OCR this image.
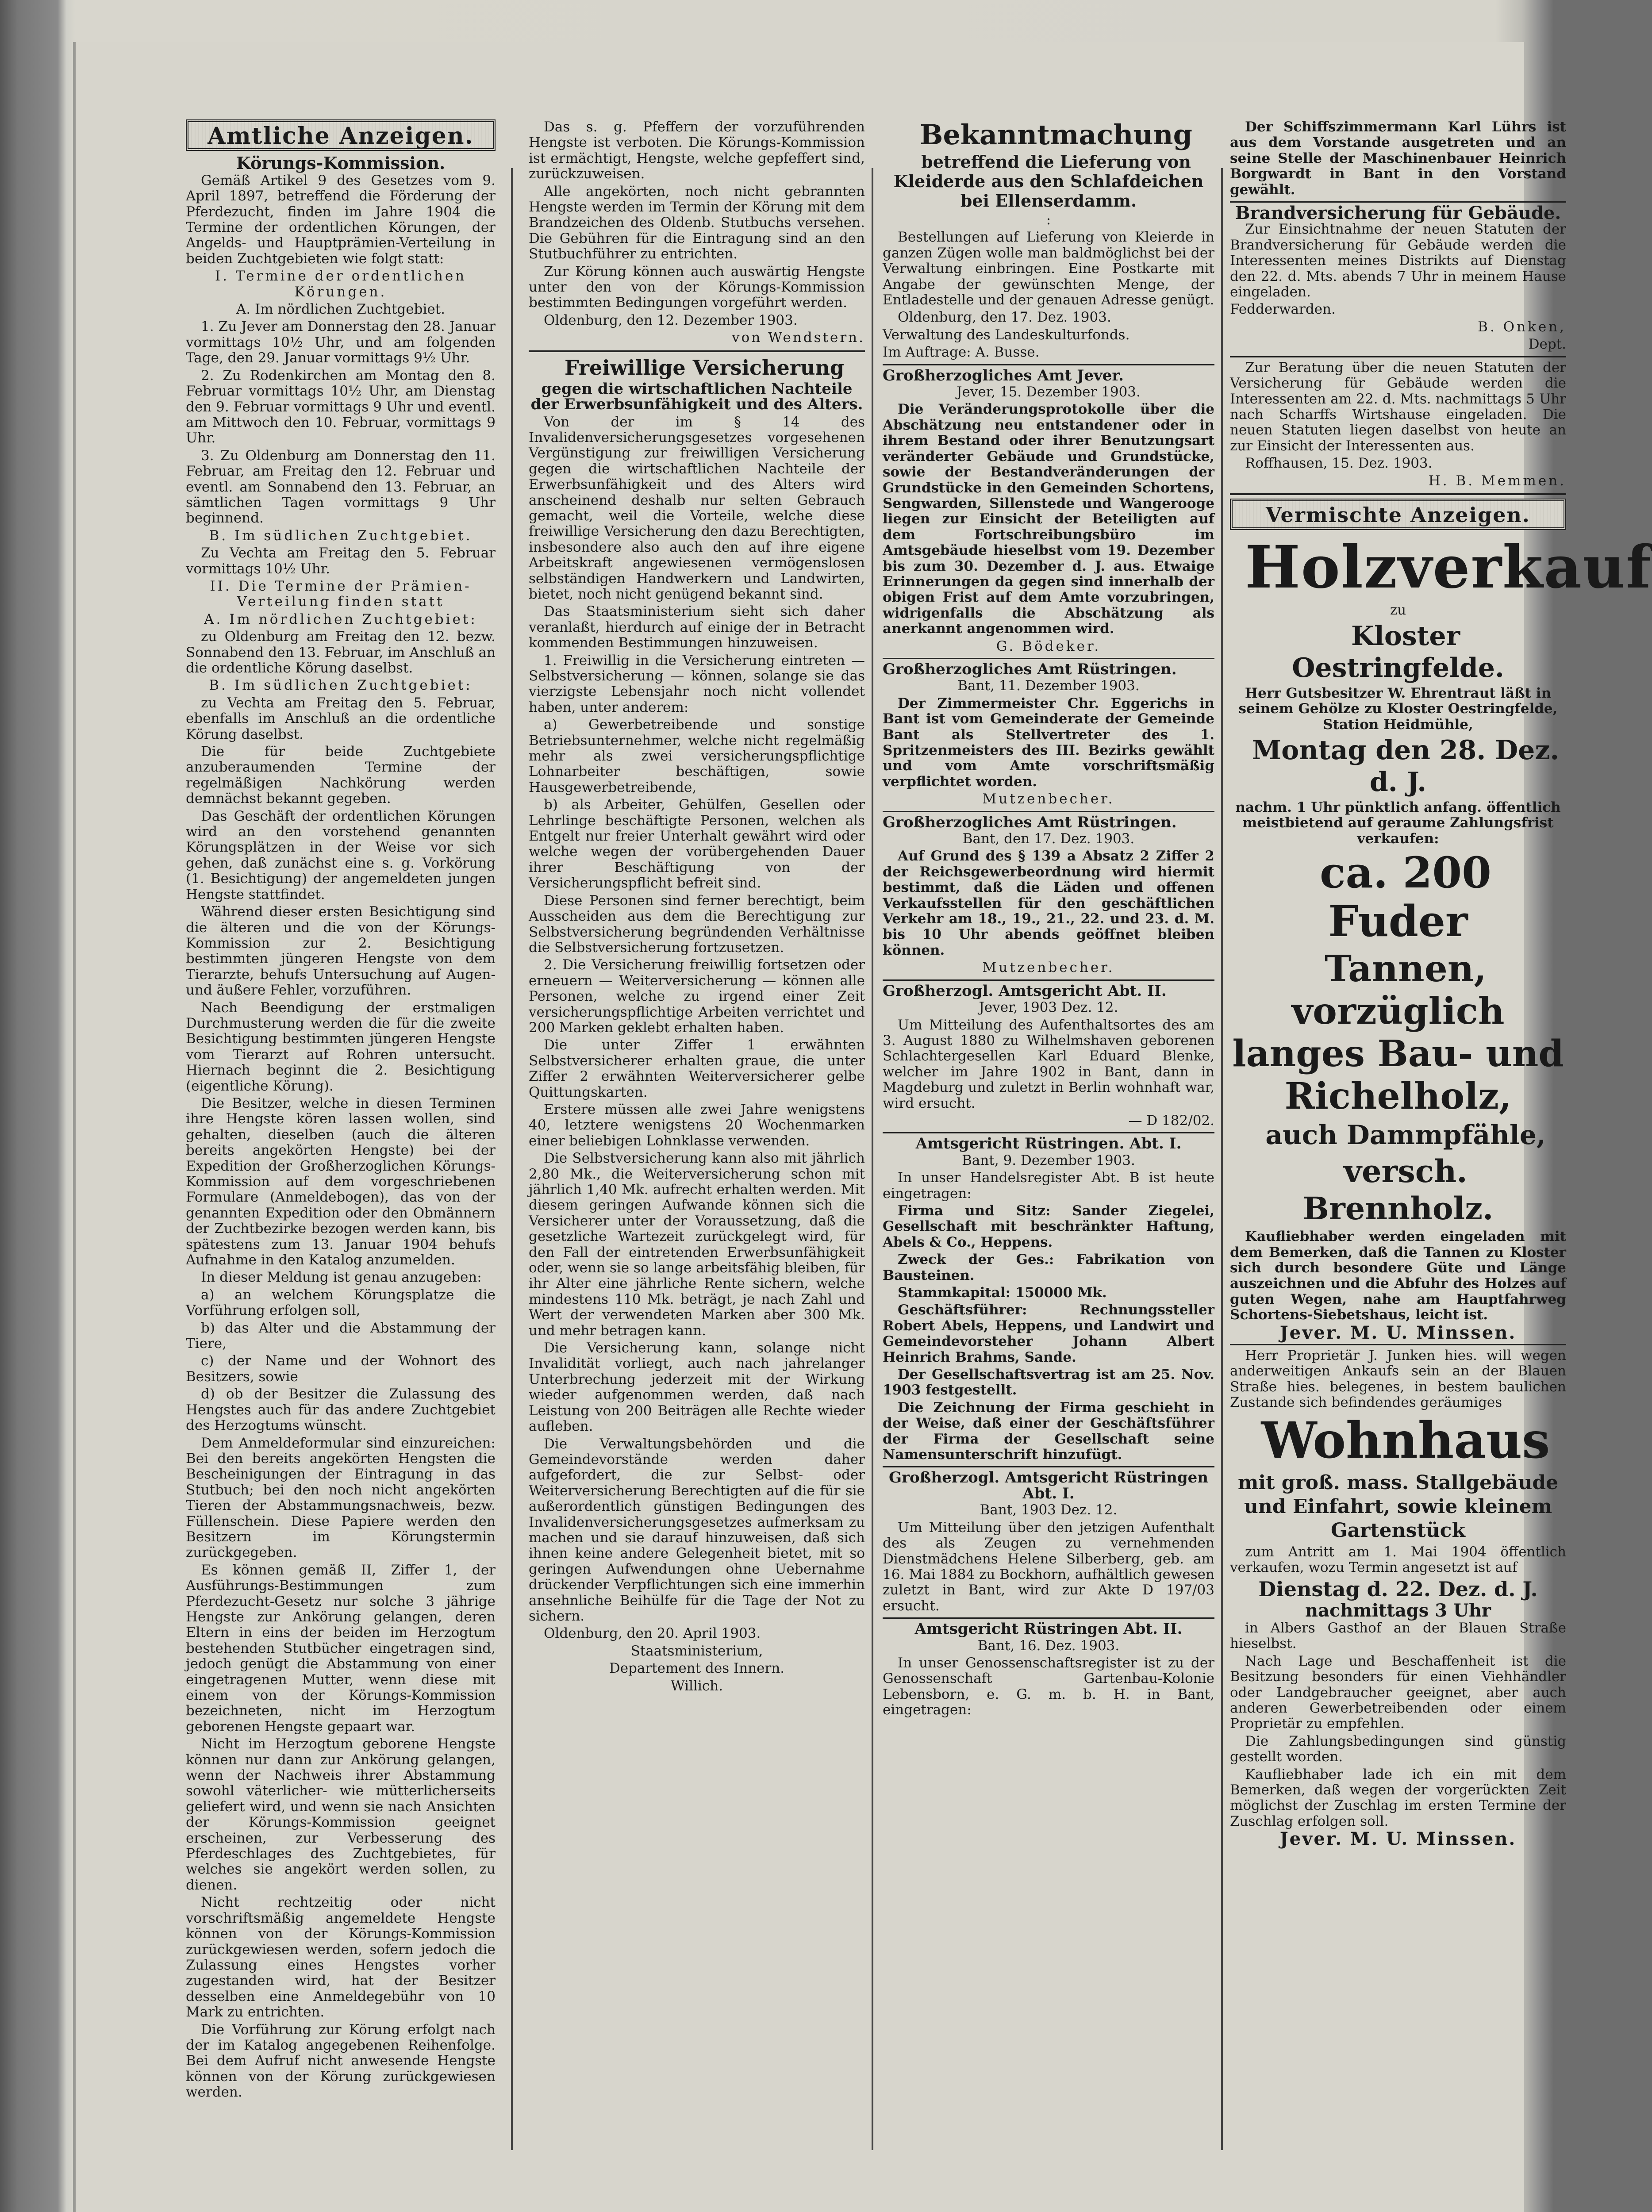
Amtliche Anzeigen.

Körungs-Kommission.

Gemäß Artikel 9 des Gesetzes vom 9. April 1897, betreffend die Förderung der Pferdezucht, finden im Jahre 1904 die Termine der ordentlichen Körungen, der Angelds- und Hauptprämien-Verteilung in beiden Zuchtgebieten wie folgt statt:

I. Termine der ordentlichen Körungen.

A. Im nördlichen Zuchtgebiet.

1. Zu Jever am Donnerstag den 28. Januar vormittags 10½ Uhr, und am folgenden Tage, den 29. Januar vormittags 9½ Uhr.

2. Zu Rodenkirchen am Montag den 8. Februar vormittags 10½ Uhr, am Dienstag den 9. Februar vormittags 9 Uhr und eventl. am Mittwoch den 10. Februar, vormittags 9 Uhr.

3. Zu Oldenburg am Donnerstag den 11. Februar, am Freitag den 12. Februar und eventl. am Sonnabend den 13. Februar, an sämtlichen Tagen vormittags 9 Uhr beginnend.

B. Im südlichen Zuchtgebiet.

Zu Vechta am Freitag den 5. Februar vormittags 10½ Uhr.

II. Die Termine der Prämien-Verteilung finden statt

A. Im nördlichen Zuchtgebiet:

zu Oldenburg am Freitag den 12. bezw. Sonnabend den 13. Februar, im Anschluß an die ordentliche Körung daselbst.

B. Im südlichen Zuchtgebiet:

zu Vechta am Freitag den 5. Februar, ebenfalls im Anschluß an die ordentliche Körung daselbst.

Die für beide Zuchtgebiete anzuberaumenden Termine der regelmäßigen Nachkörung werden demnächst bekannt gegeben.

Das Geschäft der ordentlichen Körungen wird an den vorstehend genannten Körungsplätzen in der Weise vor sich gehen, daß zunächst eine s. g. Vorkörung (1. Besichtigung) der angemeldeten jungen Hengste stattfindet.

Während dieser ersten Besichtigung sind die älteren und die von der Körungs-Kommission zur 2. Besichtigung bestimmten jüngeren Hengste von dem Tierarzte, behufs Untersuchung auf Augen- und äußere Fehler, vorzuführen.

Nach Beendigung der erstmaligen Durchmusterung werden die für die zweite Besichtigung bestimmten jüngeren Hengste vom Tierarzt auf Rohren untersucht. Hiernach beginnt die 2. Besichtigung (eigentliche Körung).

Die Besitzer, welche in diesen Terminen ihre Hengste kören lassen wollen, sind gehalten, dieselben (auch die älteren bereits angekörten Hengste) bei der Expedition der Großherzoglichen Körungs-Kommission auf dem vorgeschriebenen Formulare (Anmeldebogen), das von der genannten Expedition oder den Obmännern der Zuchtbezirke bezogen werden kann, bis spätestens zum 13. Januar 1904 behufs Aufnahme in den Katalog anzumelden.

In dieser Meldung ist genau anzugeben:

a) an welchem Körungsplatze die Vorführung erfolgen soll,

b) das Alter und die Abstammung der Tiere,

c) der Name und der Wohnort des Besitzers, sowie

d) ob der Besitzer die Zulassung des Hengstes auch für das andere Zuchtgebiet des Herzogtums wünscht.

Dem Anmeldeformular sind einzureichen: Bei den bereits angekörten Hengsten die Bescheinigungen der Eintragung in das Stutbuch; bei den noch nicht angekörten Tieren der Abstammungsnachweis, bezw. Füllenschein. Diese Papiere werden den Besitzern im Körungstermin zurückgegeben.

Es können gemäß II, Ziffer 1, der Ausführungs-Bestimmungen zum Pferdezucht-Gesetz nur solche 3 jährige Hengste zur Ankörung gelangen, deren Eltern in eins der beiden im Herzogtum bestehenden Stutbücher eingetragen sind, jedoch genügt die Abstammung von einer eingetragenen Mutter, wenn diese mit einem von der Körungs-Kommission bezeichneten, nicht im Herzogtum geborenen Hengste gepaart war.

Nicht im Herzogtum geborene Hengste können nur dann zur Ankörung gelangen, wenn der Nachweis ihrer Abstammung sowohl väterlicher- wie mütterlicherseits geliefert wird, und wenn sie nach Ansichten der Körungs-Kommission geeignet erscheinen, zur Verbesserung des Pferdeschlages des Zuchtgebietes, für welches sie angekört werden sollen, zu dienen.

Nicht rechtzeitig oder nicht vorschriftsmäßig angemeldete Hengste können von der Körungs-Kommission zurückgewiesen werden, sofern jedoch die Zulassung eines Hengstes vorher zugestanden wird, hat der Besitzer desselben eine Anmeldegebühr von 10 Mark zu entrichten.

Die Vorführung zur Körung erfolgt nach der im Katalog angegebenen Reihenfolge. Bei dem Aufruf nicht anwesende Hengste können von der Körung zurückgewiesen werden.

Das s. g. Pfeffern der vorzuführenden Hengste ist verboten. Die Körungs-Kommission ist ermächtigt, Hengste, welche gepfeffert sind, zurückzuweisen.

Alle angekörten, noch nicht gebrannten Hengste werden im Termin der Körung mit dem Brandzeichen des Oldenb. Stutbuchs versehen. Die Gebühren für die Eintragung sind an den Stutbuchführer zu entrichten.

Zur Körung können auch auswärtig Hengste unter den von der Körungs-Kommission bestimmten Bedingungen vorgeführt werden.

Oldenburg, den 12. Dezember 1903.

von Wendstern.

Freiwillige Versicherung

gegen die wirtschaftlichen Nachteile der Erwerbsunfähigkeit und des Alters.

Von der im § 14 des Invalidenversicherungsgesetzes vorgesehenen Vergünstigung zur freiwilligen Versicherung gegen die wirtschaftlichen Nachteile der Erwerbsunfähigkeit und des Alters wird anscheinend deshalb nur selten Gebrauch gemacht, weil die Vorteile, welche diese freiwillige Versicherung den dazu Berechtigten, insbesondere also auch den auf ihre eigene Arbeitskraft angewiesenen vermögenslosen selbständigen Handwerkern und Landwirten, bietet, noch nicht genügend bekannt sind.

Das Staatsministerium sieht sich daher veranlaßt, hierdurch auf einige der in Betracht kommenden Bestimmungen hinzuweisen.

1. Freiwillig in die Versicherung eintreten — Selbstversicherung — können, solange sie das vierzigste Lebensjahr noch nicht vollendet haben, unter anderem:

a) Gewerbetreibende und sonstige Betriebsunternehmer, welche nicht regelmäßig mehr als zwei versicherungspflichtige Lohnarbeiter beschäftigen, sowie Hausgewerbetreibende,

b) als Arbeiter, Gehülfen, Gesellen oder Lehrlinge beschäftigte Personen, welchen als Entgelt nur freier Unterhalt gewährt wird oder welche wegen der vorübergehenden Dauer ihrer Beschäftigung von der Versicherungspflicht befreit sind.

Diese Personen sind ferner berechtigt, beim Ausscheiden aus dem die Berechtigung zur Selbstversicherung begründenden Verhältnisse die Selbstversicherung fortzusetzen.

2. Die Versicherung freiwillig fortsetzen oder erneuern — Weiterversicherung — können alle Personen, welche zu irgend einer Zeit versicherungspflichtige Arbeiten verrichtet und 200 Marken geklebt erhalten haben.

Die unter Ziffer 1 erwähnten Selbstversicherer erhalten graue, die unter Ziffer 2 erwähnten Weiterversicherer gelbe Quittungskarten.

Erstere müssen alle zwei Jahre wenigstens 40, letztere wenigstens 20 Wochenmarken einer beliebigen Lohnklasse verwenden.

Die Selbstversicherung kann also mit jährlich 2,80 Mk., die Weiterversicherung schon mit jährlich 1,40 Mk. aufrecht erhalten werden. Mit diesem geringen Aufwande können sich die Versicherer unter der Voraussetzung, daß die gesetzliche Wartezeit zurückgelegt wird, für den Fall der eintretenden Erwerbsunfähigkeit oder, wenn sie so lange arbeitsfähig bleiben, für ihr Alter eine jährliche Rente sichern, welche mindestens 110 Mk. beträgt, je nach Zahl und Wert der verwendeten Marken aber 300 Mk. und mehr betragen kann.

Die Versicherung kann, solange nicht Invalidität vorliegt, auch nach jahrelanger Unterbrechung jederzeit mit der Wirkung wieder aufgenommen werden, daß nach Leistung von 200 Beiträgen alle Rechte wieder aufleben.

Die Verwaltungsbehörden und die Gemeindevorstände werden daher aufgefordert, die zur Selbst- oder Weiterversicherung Berechtigten auf die für sie außerordentlich günstigen Bedingungen des Invalidenversicherungsgesetzes aufmerksam zu machen und sie darauf hinzuweisen, daß sich ihnen keine andere Gelegenheit bietet, mit so geringen Aufwendungen ohne Uebernahme drückender Verpflichtungen sich eine immerhin ansehnliche Beihülfe für die Tage der Not zu sichern.

Oldenburg, den 20. April 1903.

Staatsministerium,

Departement des Innern.

Willich.

Bekanntmachung

betreffend die Lieferung von Kleiderde aus den Schlafdeichen bei Ellenserdamm.

:

Bestellungen auf Lieferung von Kleierde in ganzen Zügen wolle man baldmöglichst bei der Verwaltung einbringen. Eine Postkarte mit Angabe der gewünschten Menge, der Entladestelle und der genauen Adresse genügt.

Oldenburg, den 17. Dez. 1903.

Verwaltung des Landeskulturfonds.

Im Auftrage: A. Busse.

Großherzogliches Amt Jever.

Jever, 15. Dezember 1903.

Die Veränderungsprotokolle über die Abschätzung neu entstandener oder in ihrem Bestand oder ihrer Benutzungsart veränderter Gebäude und Grundstücke, sowie der Bestandveränderungen der Grundstücke in den Gemeinden Schortens, Sengwarden, Sillenstede und Wangerooge liegen zur Einsicht der Beteiligten auf dem Fortschreibungsbüro im Amtsgebäude hieselbst vom 19. Dezember bis zum 30. Dezember d. J. aus. Etwaige Erinnerungen da gegen sind innerhalb der obigen Frist auf dem Amte vorzubringen, widrigenfalls die Abschätzung als anerkannt angenommen wird.

G. Bödeker.

Großherzogliches Amt Rüstringen.

Bant, 11. Dezember 1903.

Der Zimmermeister Chr. Eggerichs in Bant ist vom Gemeinderate der Gemeinde Bant als Stellvertreter des 1. Spritzenmeisters des III. Bezirks gewählt und vom Amte vorschriftsmäßig verpflichtet worden.

Mutzenbecher.

Großherzogliches Amt Rüstringen.

Bant, den 17. Dez. 1903.

Auf Grund des § 139 a Absatz 2 Ziffer 2 der Reichsgewerbeordnung wird hiermit bestimmt, daß die Läden und offenen Verkaufsstellen für den geschäftlichen Verkehr am 18., 19., 21., 22. und 23. d. M. bis 10 Uhr abends geöffnet bleiben können.

Mutzenbecher.

Großherzogl. Amtsgericht Abt. II.

Jever, 1903 Dez. 12.

Um Mitteilung des Aufenthaltsortes des am 3. August 1880 zu Wilhelmshaven geborenen Schlachtergesellen Karl Eduard Blenke, welcher im Jahre 1902 in Bant, dann in Magdeburg und zuletzt in Berlin wohnhaft war, wird ersucht.

— D 182/02.

Amtsgericht Rüstringen. Abt. I.

Bant, 9. Dezember 1903.

In unser Handelsregister Abt. B ist heute eingetragen:

Firma und Sitz: Sander Ziegelei, Gesellschaft mit beschränkter Haftung, Abels & Co., Heppens.

Zweck der Ges.: Fabrikation von Bausteinen.

Stammkapital: 150000 Mk.

Geschäftsführer: Rechnungssteller Robert Abels, Heppens, und Landwirt und Gemeindevorsteher Johann Albert Heinrich Brahms, Sande.

Der Gesellschaftsvertrag ist am 25. Nov. 1903 festgestellt.

Die Zeichnung der Firma geschieht in der Weise, daß einer der Geschäftsführer der Firma der Gesellschaft seine Namensunterschrift hinzufügt.

Großherzogl. Amtsgericht Rüstringen Abt. I.

Bant, 1903 Dez. 12.

Um Mitteilung über den jetzigen Aufenthalt des als Zeugen zu vernehmenden Dienstmädchens Helene Silberberg, geb. am 16. Mai 1884 zu Bockhorn, aufhältlich gewesen zuletzt in Bant, wird zur Akte D 197/03 ersucht.

Amtsgericht Rüstringen Abt. II.

Bant, 16. Dez. 1903.

In unser Genossenschaftsregister ist zu der Genossenschaft Gartenbau-Kolonie Lebensborn, e. G. m. b. H. in Bant, eingetragen:

Der Schiffszimmermann Karl Lührs ist aus dem Vorstande ausgetreten und an seine Stelle der Maschinenbauer Heinrich Borgwardt in Bant in den Vorstand gewählt.

Brandversicherung für Gebäude.

Zur Einsichtnahme der neuen Statuten der Brandversicherung für Gebäude werden die Interessenten meines Distrikts auf Dienstag den 22. d. Mts. abends 7 Uhr in meinem Hause eingeladen.

Fedderwarden.

B. Onken,

Dept.

Zur Beratung über die neuen Statuten der Versicherung für Gebäude werden die Interessenten am 22. d. Mts. nachmittags 5 Uhr nach Scharffs Wirtshause eingeladen. Die neuen Statuten liegen daselbst von heute an zur Einsicht der Interessenten aus.

Roffhausen, 15. Dez. 1903.

H. B. Memmen.

Vermischte Anzeigen.

Holzverkauf

zu

Kloster Oestringfelde.

Herr Gutsbesitzer W. Ehrentraut läßt in seinem Gehölze zu Kloster Oestringfelde, Station Heidmühle,

Montag den 28. Dez. d. J.

nachm. 1 Uhr pünktlich anfang. öffentlich meistbietend auf geraume Zahlungsfrist verkaufen:

ca. 200 Fuder

Tannen, vorzüglich langes Bau- und Richelholz,

auch Dammpfähle,

versch. Brennholz.

Kaufliebhaber werden eingeladen mit dem Bemerken, daß die Tannen zu Kloster sich durch besondere Güte und Länge auszeichnen und die Abfuhr des Holzes auf guten Wegen, nahe am Hauptfahrweg Schortens-Siebetshaus, leicht ist.

Jever. M. U. Minssen.

Herr Proprietär J. Junken hies. will wegen anderweitigen Ankaufs sein an der Blauen Straße hies. belegenes, in bestem baulichen Zustande sich befindendes geräumiges

Wohnhaus

mit groß. mass. Stallgebäude und Einfahrt, sowie kleinem Gartenstück

zum Antritt am 1. Mai 1904 öffentlich verkaufen, wozu Termin angesetzt ist auf

Dienstag d. 22. Dez. d. J.

nachmittags 3 Uhr

in Albers Gasthof an der Blauen Straße hieselbst.

Nach Lage und Beschaffenheit ist die Besitzung besonders für einen Viehhändler oder Landgebraucher geeignet, aber auch anderen Gewerbetreibenden oder einem Proprietär zu empfehlen.

Die Zahlungsbedingungen sind günstig gestellt worden.

Kaufliebhaber lade ich ein mit dem Bemerken, daß wegen der vorgerückten Zeit möglichst der Zuschlag im ersten Termine der Zuschlag erfolgen soll.

Jever. M. U. Minssen.
